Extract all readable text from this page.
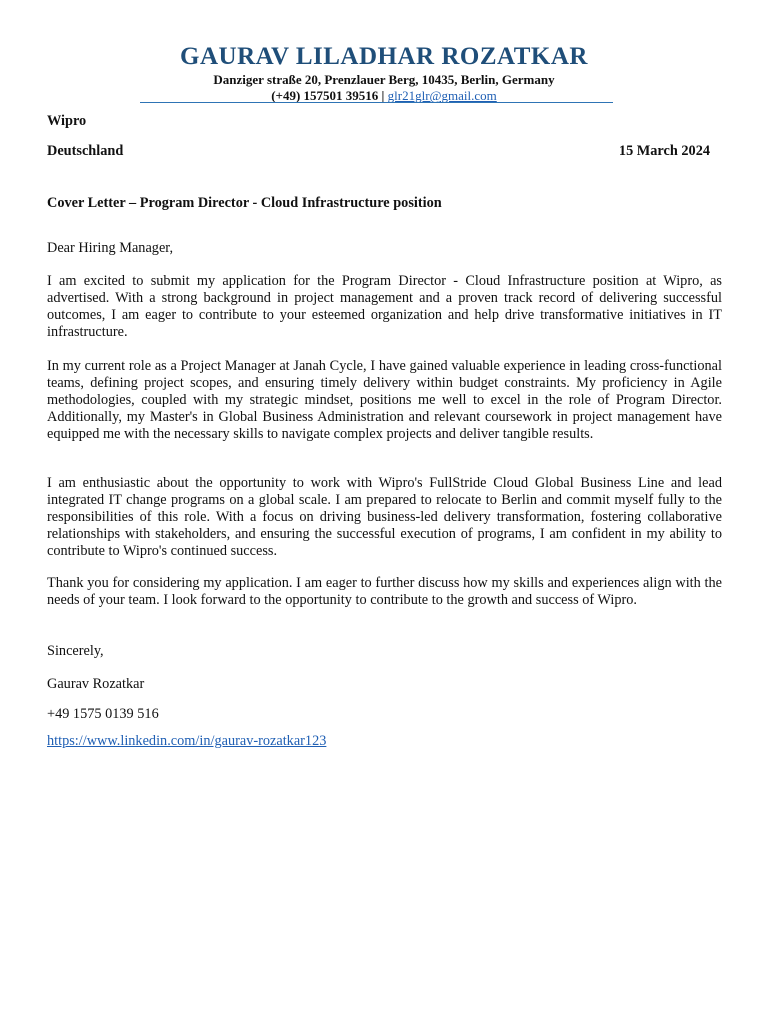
GAURAV LILADHAR ROZATKAR
Danziger straße 20, Prenzlauer Berg, 10435, Berlin, Germany
(+49) 157501 39516 | glr21glr@gmail.com
Wipro
Deutschland	15 March 2024
Cover Letter – Program Director - Cloud Infrastructure position
Dear Hiring Manager,
I am excited to submit my application for the Program Director - Cloud Infrastructure position at Wipro, as advertised. With a strong background in project management and a proven track record of delivering successful outcomes, I am eager to contribute to your esteemed organization and help drive transformative initiatives in IT infrastructure.
In my current role as a Project Manager at Janah Cycle, I have gained valuable experience in leading cross-functional teams, defining project scopes, and ensuring timely delivery within budget constraints. My proficiency in Agile methodologies, coupled with my strategic mindset, positions me well to excel in the role of Program Director. Additionally, my Master's in Global Business Administration and relevant coursework in project management have equipped me with the necessary skills to navigate complex projects and deliver tangible results.
I am enthusiastic about the opportunity to work with Wipro's FullStride Cloud Global Business Line and lead integrated IT change programs on a global scale. I am prepared to relocate to Berlin and commit myself fully to the responsibilities of this role. With a focus on driving business-led delivery transformation, fostering collaborative relationships with stakeholders, and ensuring the successful execution of programs, I am confident in my ability to contribute to Wipro's continued success.
Thank you for considering my application. I am eager to further discuss how my skills and experiences align with the needs of your team. I look forward to the opportunity to contribute to the growth and success of Wipro.
Sincerely,
Gaurav Rozatkar
+49 1575 0139 516
https://www.linkedin.com/in/gaurav-rozatkar123
